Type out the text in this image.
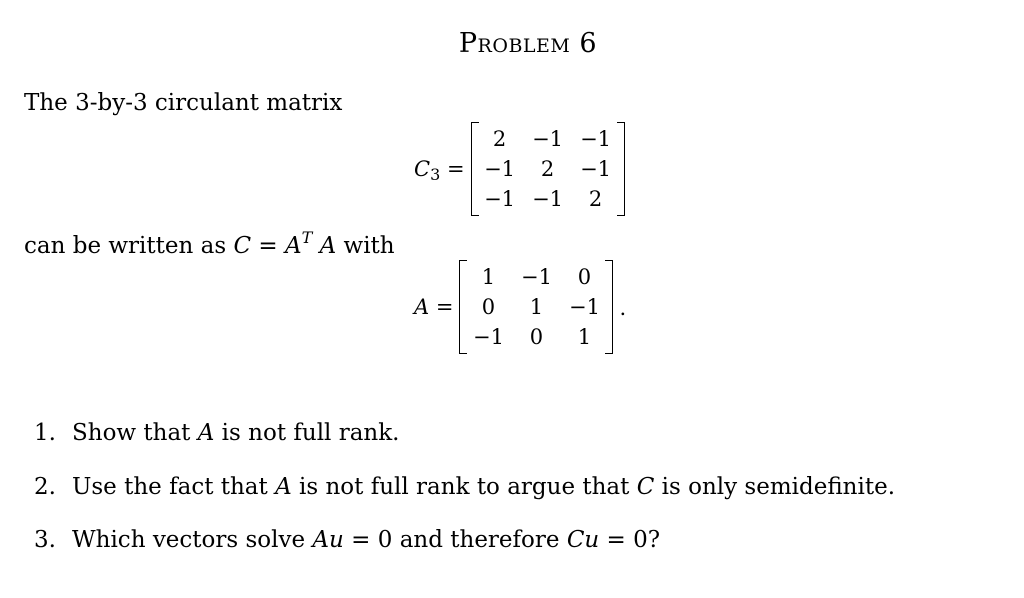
Problem 6
The 3-by-3 circulant matrix
$C_3$ =
2	−1 −1
−1	2	−1
−1 −1	2
can be written as $C = A^T$ A with
A =
1	−1	0
0	1	−1
−1	0	1
.
1. Show that A is not full rank.
2. Use the fact that A is not full rank to argue that C is only semidefinite.
3. Which vectors solve Au = 0 and therefore Cu = 0?
